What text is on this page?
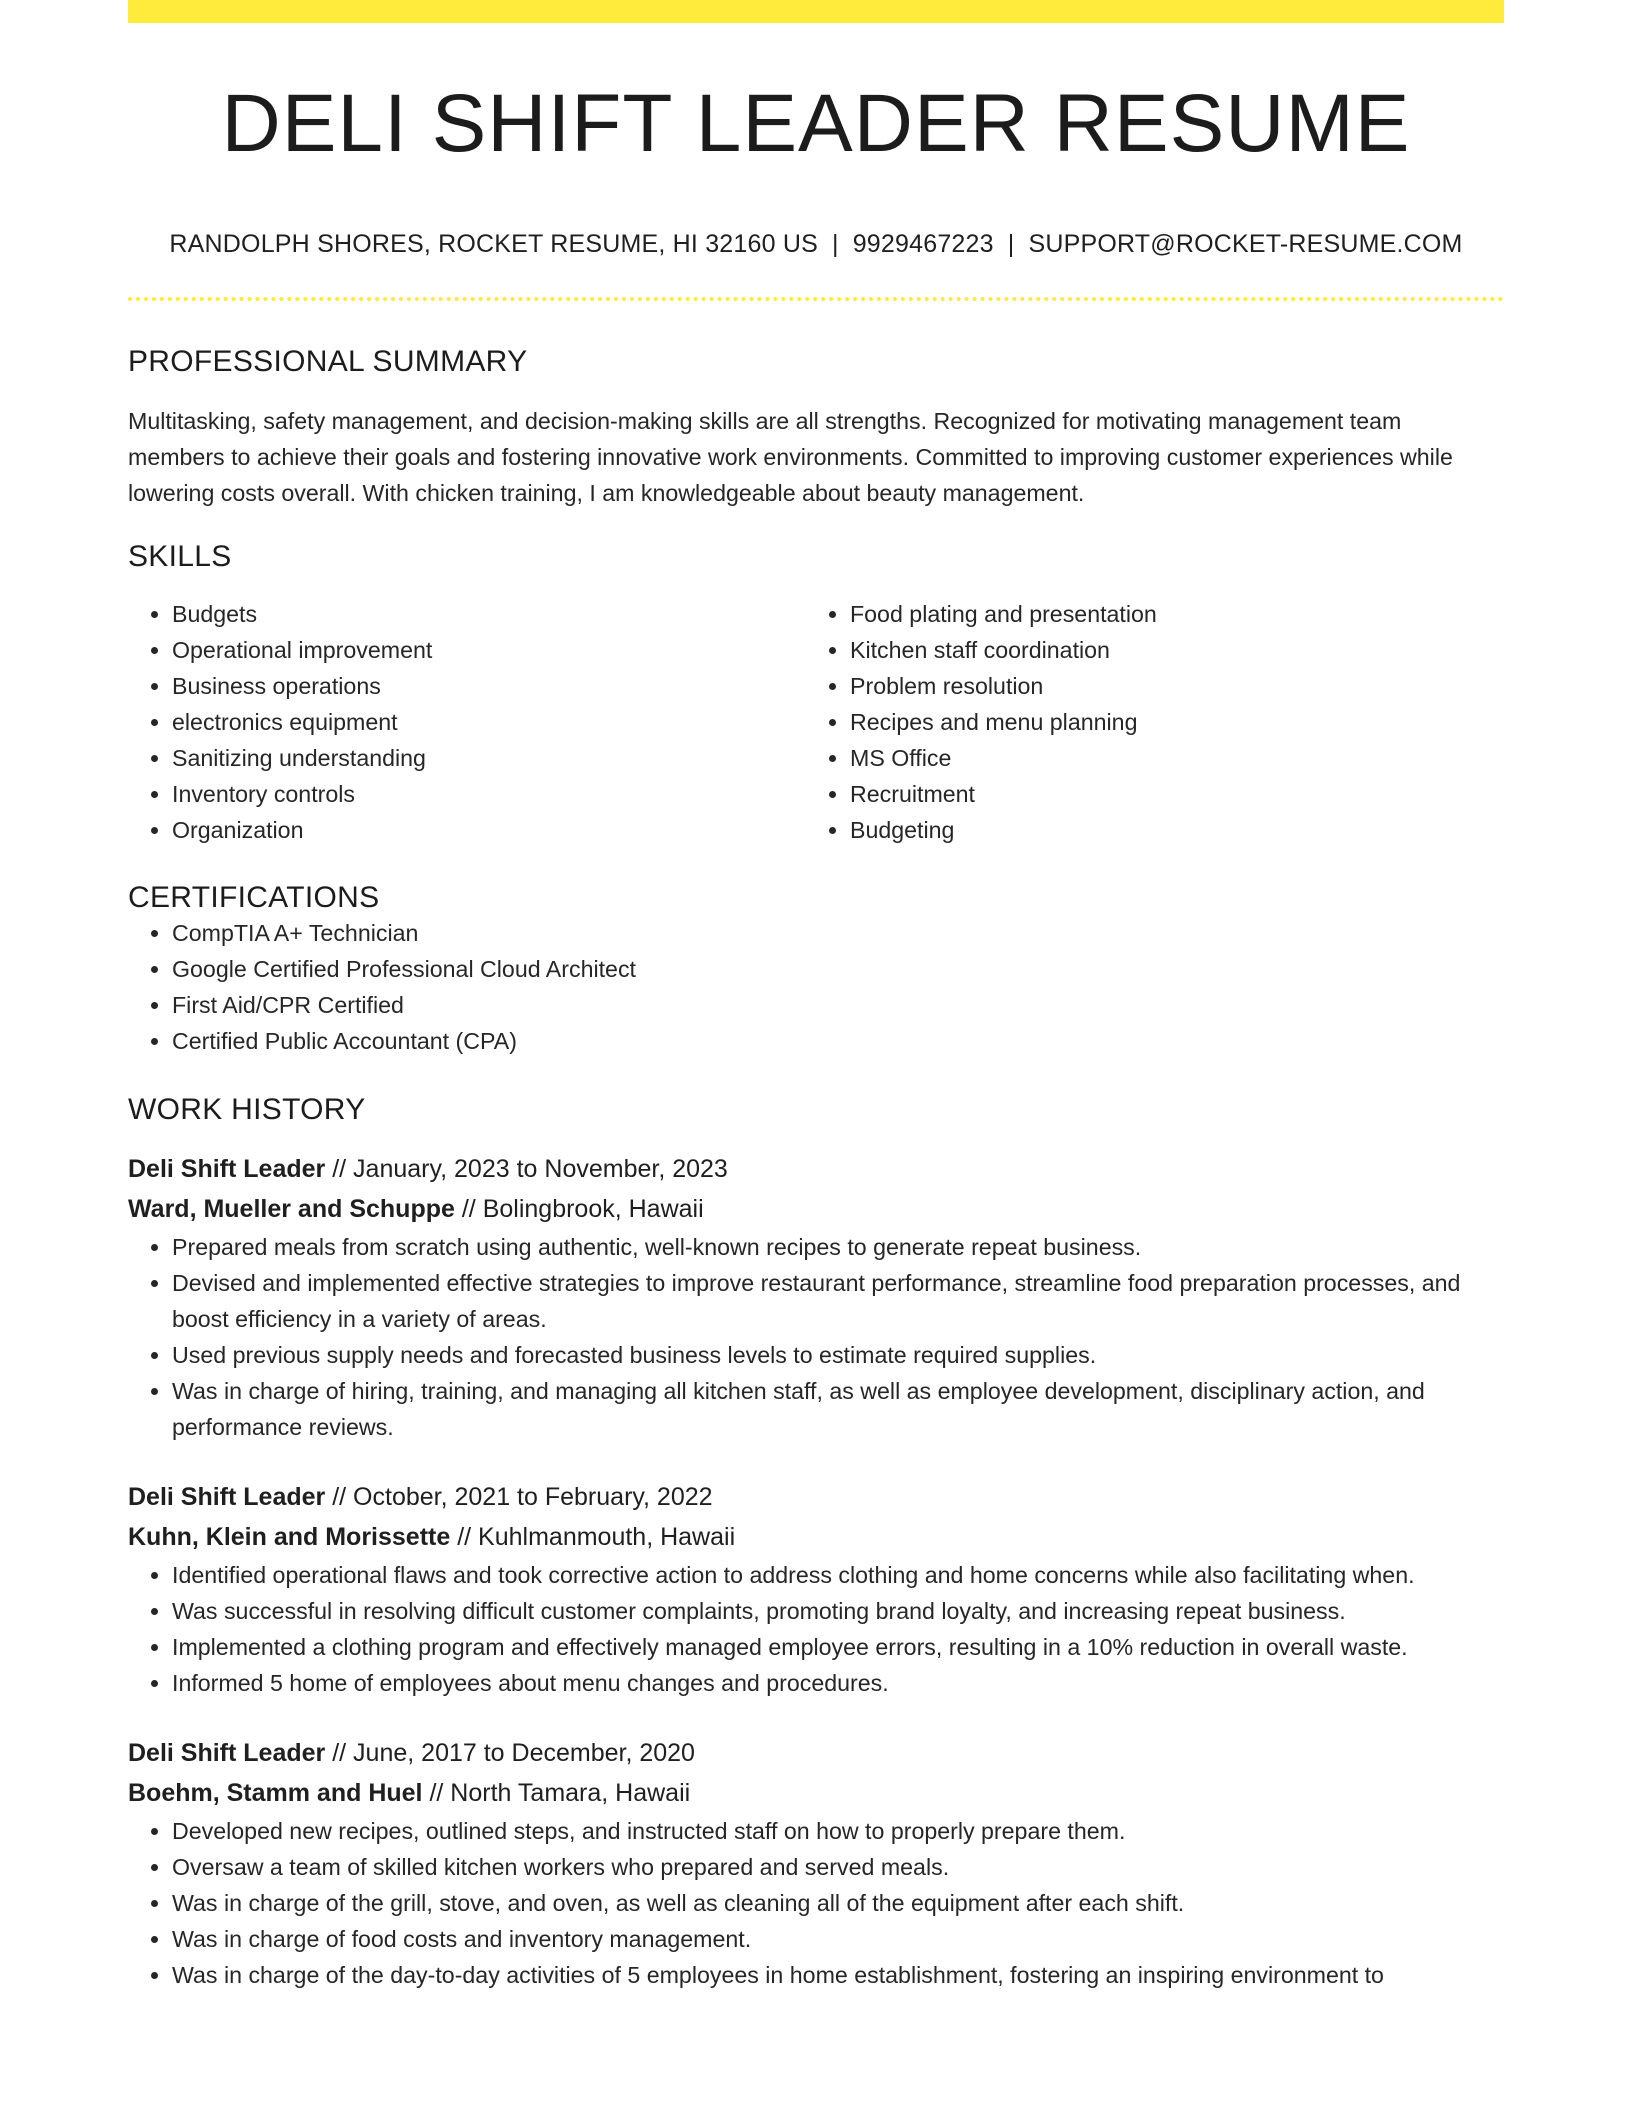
DELI SHIFT LEADER RESUME
RANDOLPH SHORES, ROCKET RESUME, HI 32160 US | 9929467223 | SUPPORT@ROCKET-RESUME.COM
PROFESSIONAL SUMMARY

Multitasking, safety management, and decision-making skills are all strengths. Recognized for motivating management team members to achieve their goals and fostering innovative work environments. Committed to improving customer experiences while lowering costs overall. With chicken training, I am knowledgeable about beauty management.

SKILLS
• Budgets
• Operational improvement
• Business operations
• electronics equipment
• Sanitizing understanding
• Inventory controls
• Organization
• Food plating and presentation
• Kitchen staff coordination
• Problem resolution
• Recipes and menu planning
• MS Office
• Recruitment
• Budgeting
CERTIFICATIONS
• CompTIA A+ Technician
• Google Certified Professional Cloud Architect
• First Aid/CPR Certified
• Certified Public Accountant (CPA)
WORK HISTORY
Deli Shift Leader // January, 2023 to November, 2023
Ward, Mueller and Schuppe // Bolingbrook, Hawaii
• Prepared meals from scratch using authentic, well-known recipes to generate repeat business.
• Devised and implemented effective strategies to improve restaurant performance, streamline food preparation processes, and boost efficiency in a variety of areas.
• Used previous supply needs and forecasted business levels to estimate required supplies.
• Was in charge of hiring, training, and managing all kitchen staff, as well as employee development, disciplinary action, and performance reviews.
Deli Shift Leader // October, 2021 to February, 2022
Kuhn, Klein and Morissette // Kuhlmanmouth, Hawaii
• Identified operational flaws and took corrective action to address clothing and home concerns while also facilitating when.
• Was successful in resolving difficult customer complaints, promoting brand loyalty, and increasing repeat business.
• Implemented a clothing program and effectively managed employee errors, resulting in a 10% reduction in overall waste.
• Informed 5 home of employees about menu changes and procedures.
Deli Shift Leader // June, 2017 to December, 2020
Boehm, Stamm and Huel // North Tamara, Hawaii
• Developed new recipes, outlined steps, and instructed staff on how to properly prepare them.
• Oversaw a team of skilled kitchen workers who prepared and served meals.
• Was in charge of the grill, stove, and oven, as well as cleaning all of the equipment after each shift.
• Was in charge of food costs and inventory management.
• Was in charge of the day-to-day activities of 5 employees in home establishment, fostering an inspiring environment to
